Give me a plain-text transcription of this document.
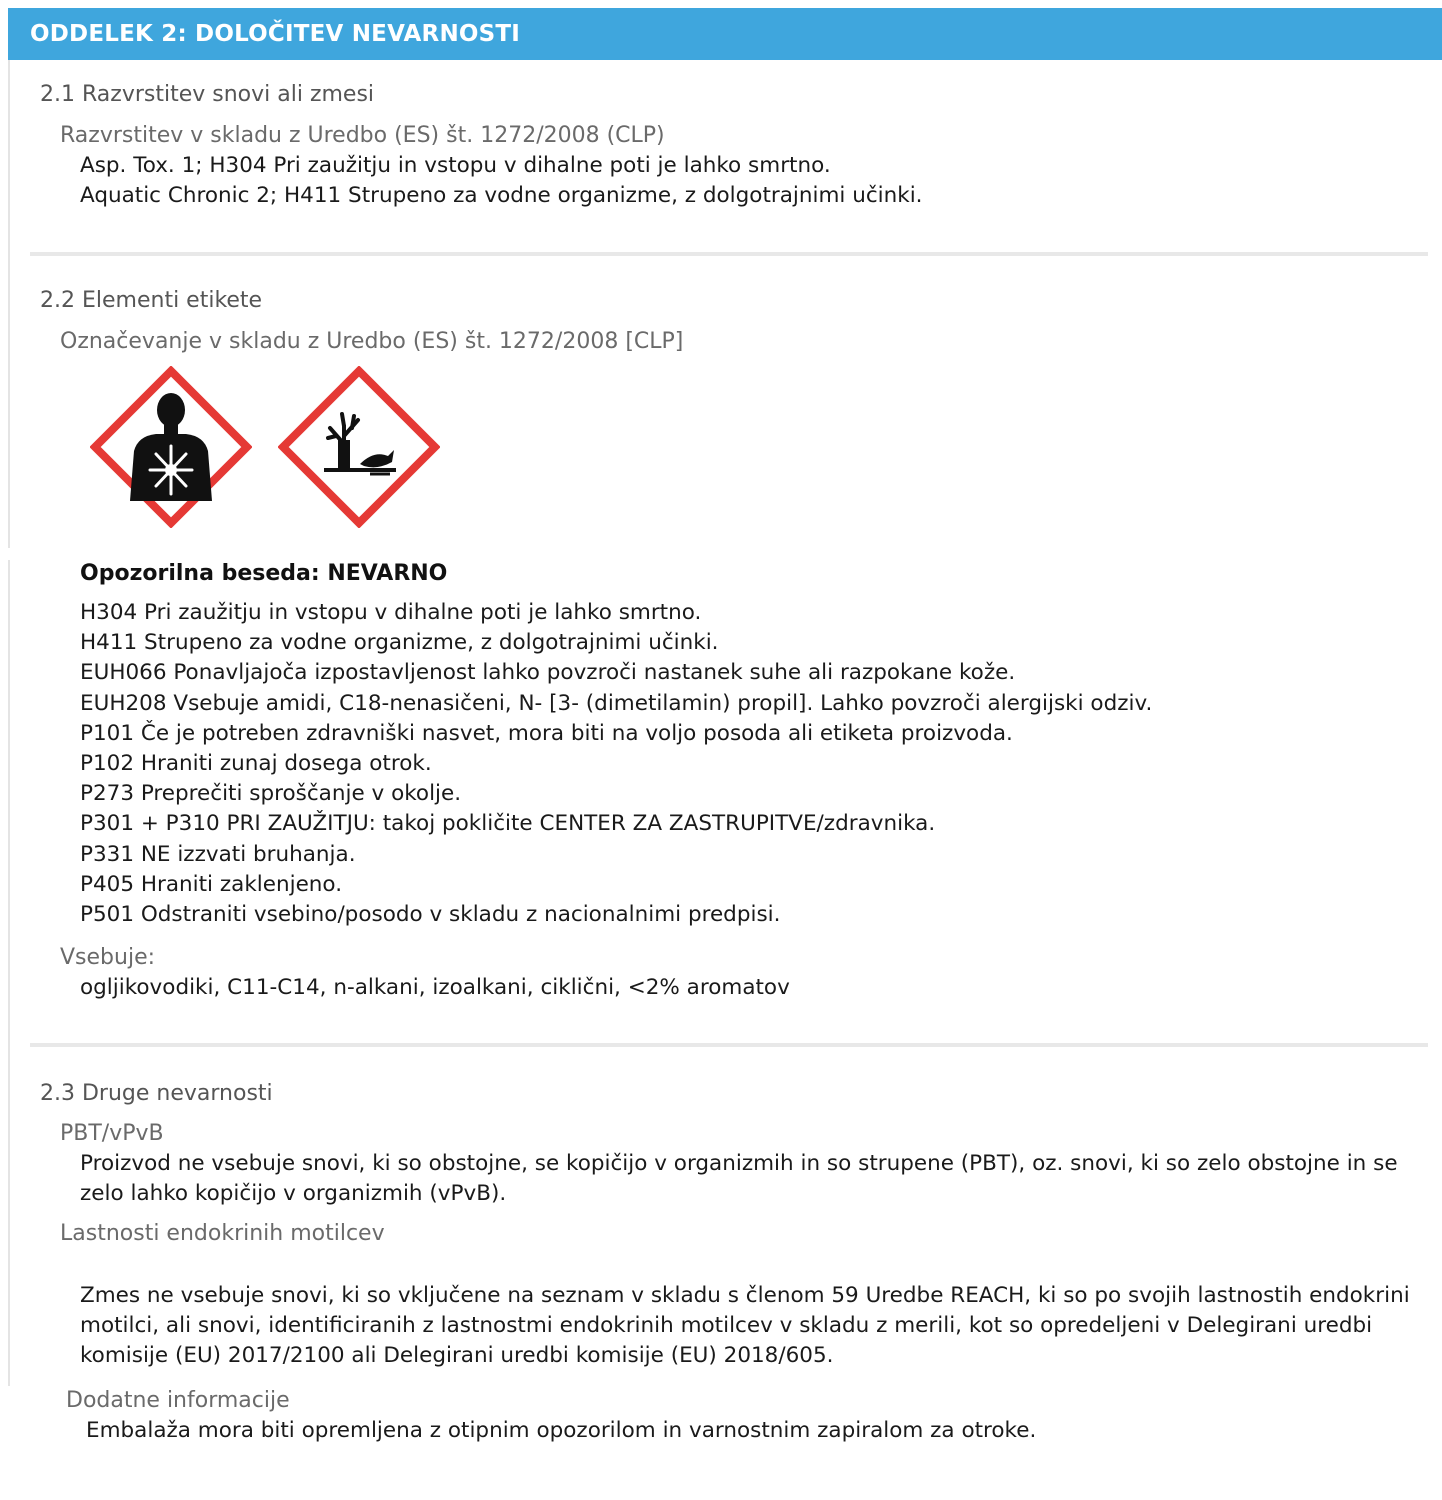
ODDELEK 2: DOLOČITEV NEVARNOSTI
2.1 Razvrstitev snovi ali zmesi
Razvrstitev v skladu z Uredbo (ES) št. 1272/2008 (CLP)
Asp. Tox. 1; H304 Pri zaužitju in vstopu v dihalne poti je lahko smrtno.
Aquatic Chronic 2; H411 Strupeno za vodne organizme, z dolgotrajnimi učinki.
2.2 Elementi etikete
Označevanje v skladu z Uredbo (ES) št. 1272/2008 [CLP]
Opozorilna beseda: NEVARNO
H304 Pri zaužitju in vstopu v dihalne poti je lahko smrtno.
H411 Strupeno za vodne organizme, z dolgotrajnimi učinki.
EUH066 Ponavljajoča izpostavljenost lahko povzroči nastanek suhe ali razpokane kože.
EUH208 Vsebuje amidi, C18-nenasičeni, N- [3- (dimetilamin) propil]. Lahko povzroči alergijski odziv.
P101 Če je potreben zdravniški nasvet, mora biti na voljo posoda ali etiketa proizvoda.
P102 Hraniti zunaj dosega otrok.
P273 Preprečiti sproščanje v okolje.
P301 + P310 PRI ZAUŽITJU: takoj pokličite CENTER ZA ZASTRUPITVE/zdravnika.
P331 NE izzvati bruhanja.
P405 Hraniti zaklenjeno.
P501 Odstraniti vsebino/posodo v skladu z nacionalnimi predpisi.
Vsebuje:
ogljikovodiki, C11-C14, n-alkani, izoalkani, ciklični, <2% aromatov
2.3 Druge nevarnosti
PBT/vPvB
Proizvod ne vsebuje snovi, ki so obstojne, se kopičijo v organizmih in so strupene (PBT), oz. snovi, ki so zelo obstojne in se zelo lahko kopičijo v organizmih (vPvB).
Lastnosti endokrinih motilcev
Zmes ne vsebuje snovi, ki so vključene na seznam v skladu s členom 59 Uredbe REACH, ki so po svojih lastnostih endokrini motilci, ali snovi, identificiranih z lastnostmi endokrinih motilcev v skladu z merili, kot so opredeljeni v Delegirani uredbi komisije (EU) 2017/2100 ali Delegirani uredbi komisije (EU) 2018/605.
Dodatne informacije
Embalaža mora biti opremljena z otipnim opozorilom in varnostnim zapiralom za otroke.
